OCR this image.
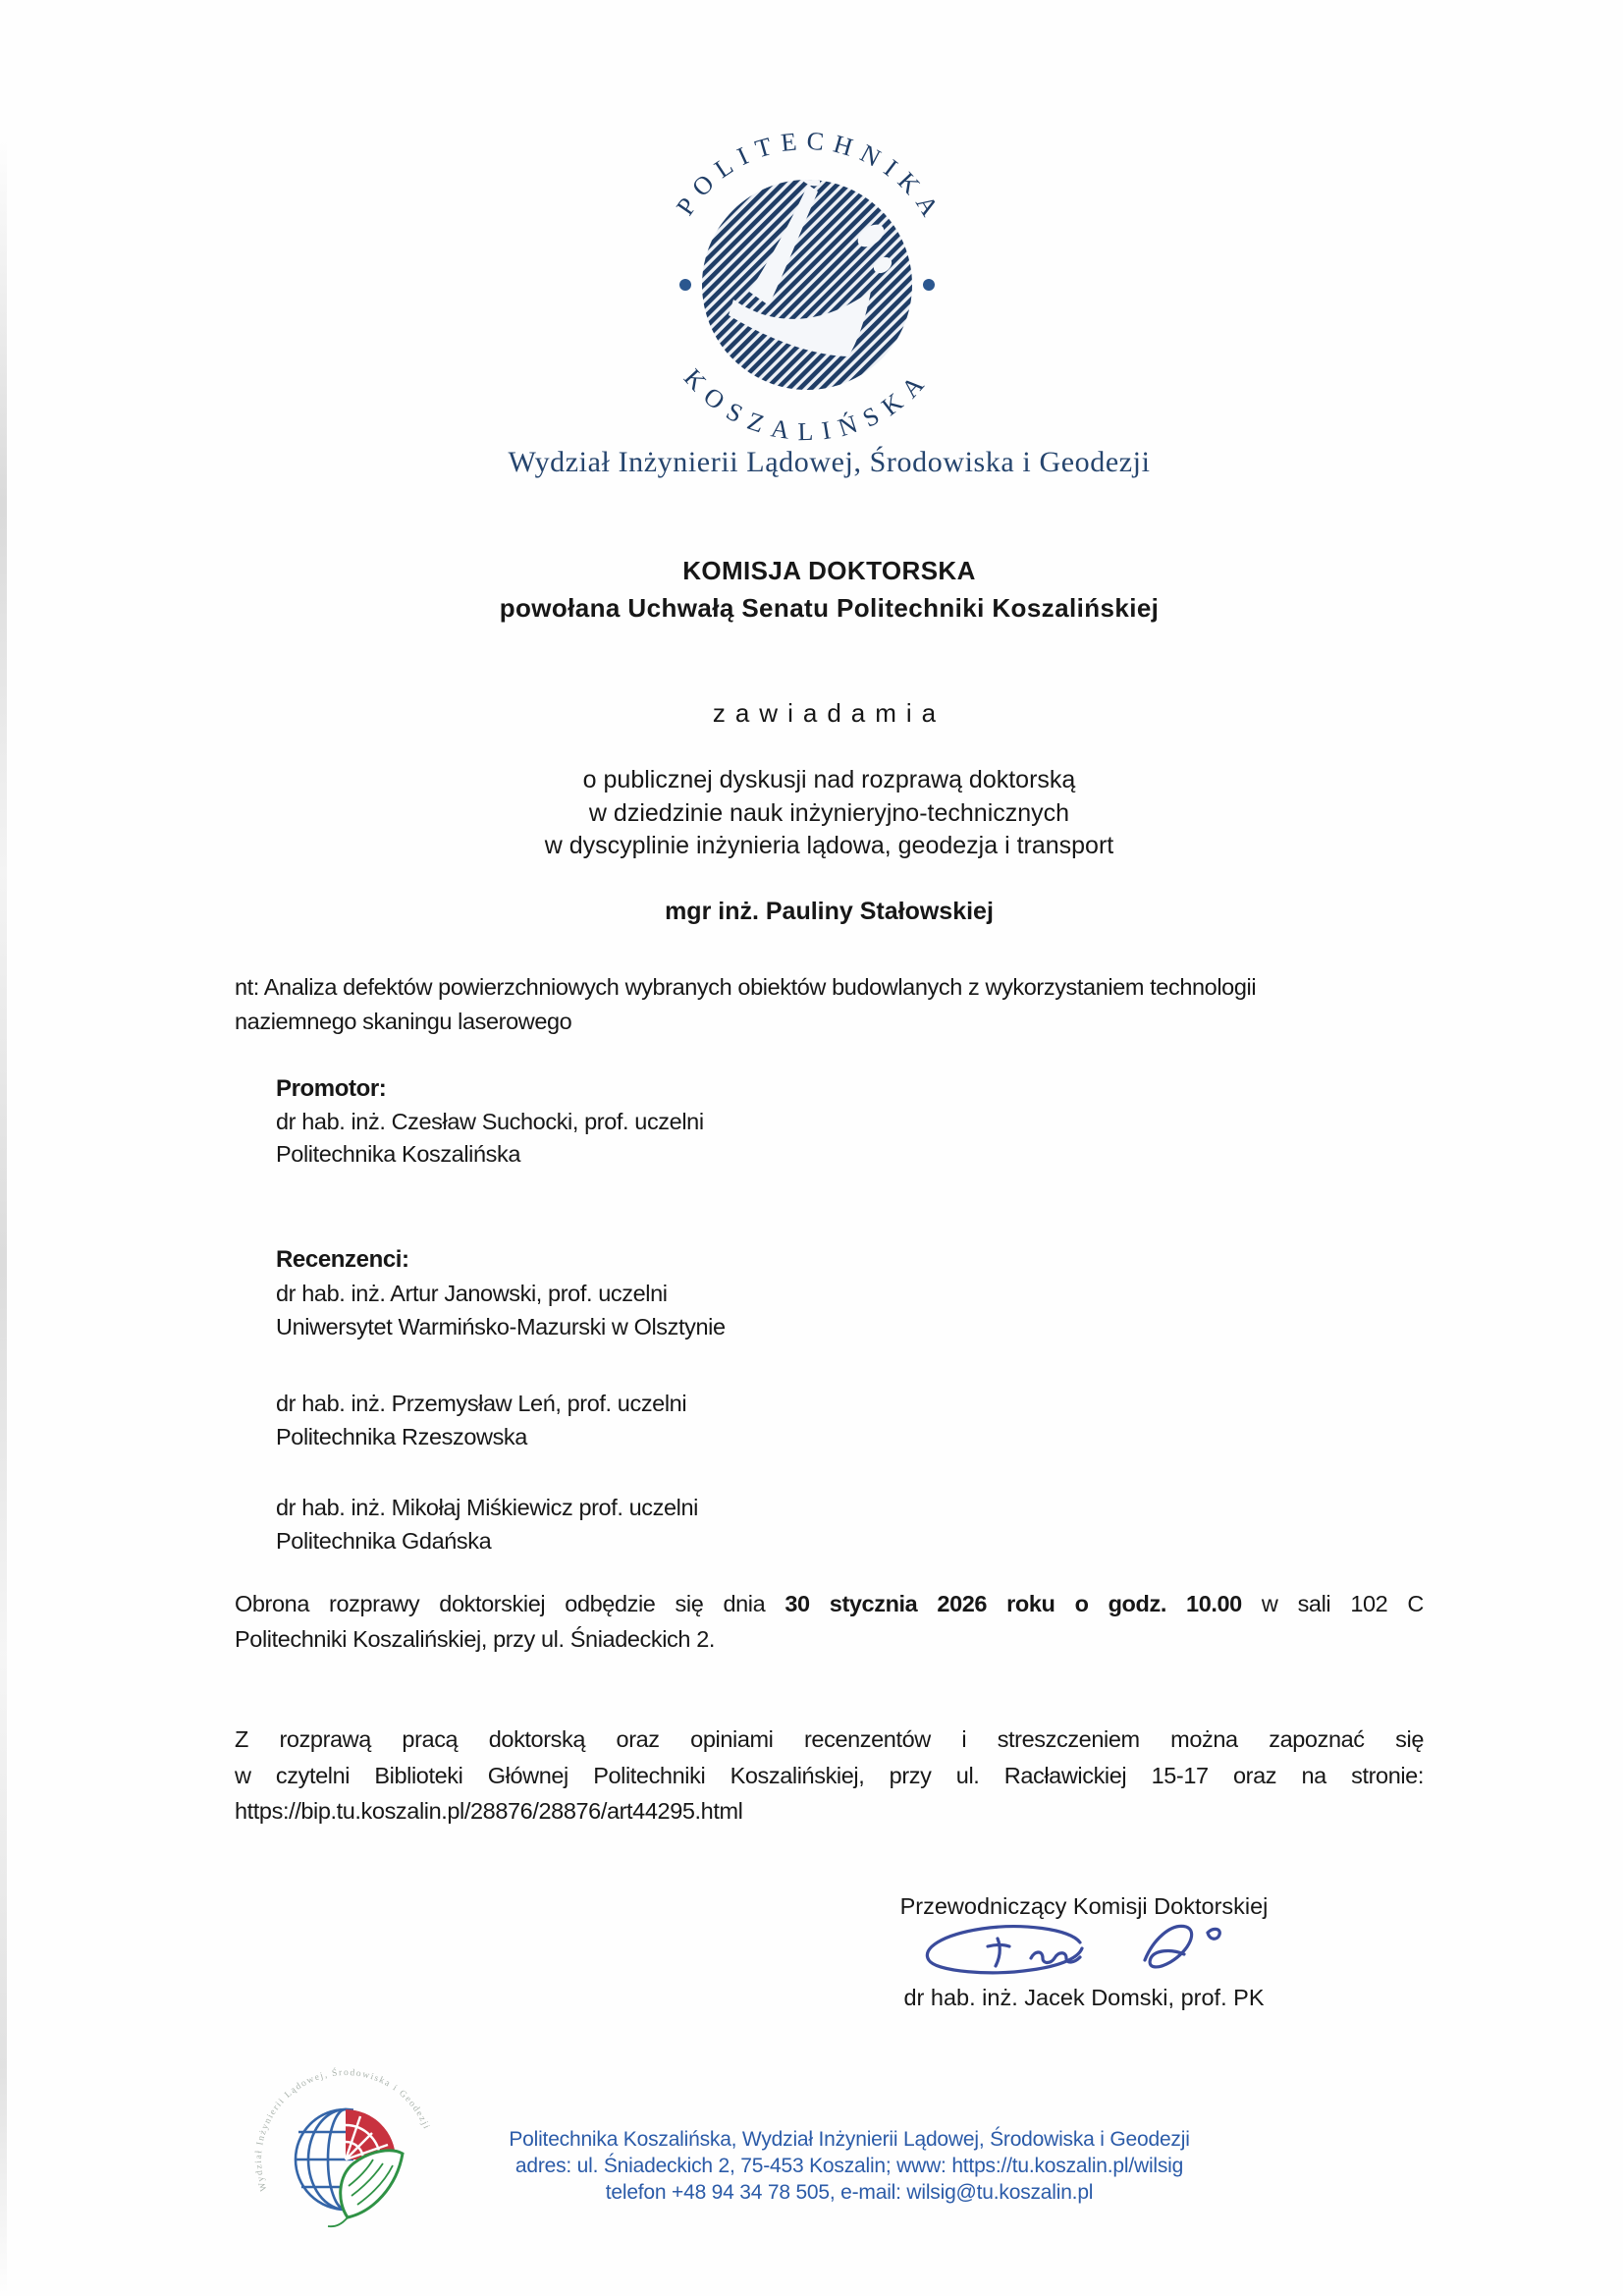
POLITECHNIKA
KOSZALIŃSKA
Wydział Inżynierii Lądowej, Środowiska i Geodezji
KOMISJA DOKTORSKA
powołana Uchwałą Senatu Politechniki Koszalińskiej
zawiadamia
o publicznej dyskusji nad rozprawą doktorską
w dziedzinie nauk inżynieryjno-technicznych
w dyscyplinie inżynieria lądowa, geodezja i transport
mgr inż. Pauliny Stałowskiej
nt: Analiza defektów powierzchniowych wybranych obiektów budowlanych z wykorzystaniem technologii
naziemnego skaningu laserowego
Promotor:
dr hab. inż. Czesław Suchocki, prof. uczelni
Politechnika Koszalińska
Recenzenci:
dr hab. inż. Artur Janowski, prof. uczelni
Uniwersytet Warmińsko-Mazurski w Olsztynie
dr hab. inż. Przemysław Leń, prof. uczelni
Politechnika Rzeszowska
dr hab. inż. Mikołaj Miśkiewicz prof. uczelni
Politechnika Gdańska
Obrona rozprawy doktorskiej odbędzie się dnia 30 stycznia 2026 roku o godz. 10.00 w sali 102 C
Politechniki Koszalińskiej, przy ul. Śniadeckich 2.
Z rozprawą pracą doktorską oraz opiniami recenzentów i streszczeniem można zapoznać się
w czytelni Biblioteki Głównej Politechniki Koszalińskiej, przy ul. Racławickiej 15-17 oraz na stronie:
https://bip.tu.koszalin.pl/28876/28876/art44295.html
Przewodniczący Komisji Doktorskiej
dr hab. inż. Jacek Domski, prof. PK
Wydział Inżynierii Lądowej, Środowiska i Geodezji
Politechnika Koszalińska, Wydział Inżynierii Lądowej, Środowiska i Geodezji
adres: ul. Śniadeckich 2, 75-453 Koszalin; www: https://tu.koszalin.pl/wilsig
telefon +48 94 34 78 505, e-mail: wilsig@tu.koszalin.pl
